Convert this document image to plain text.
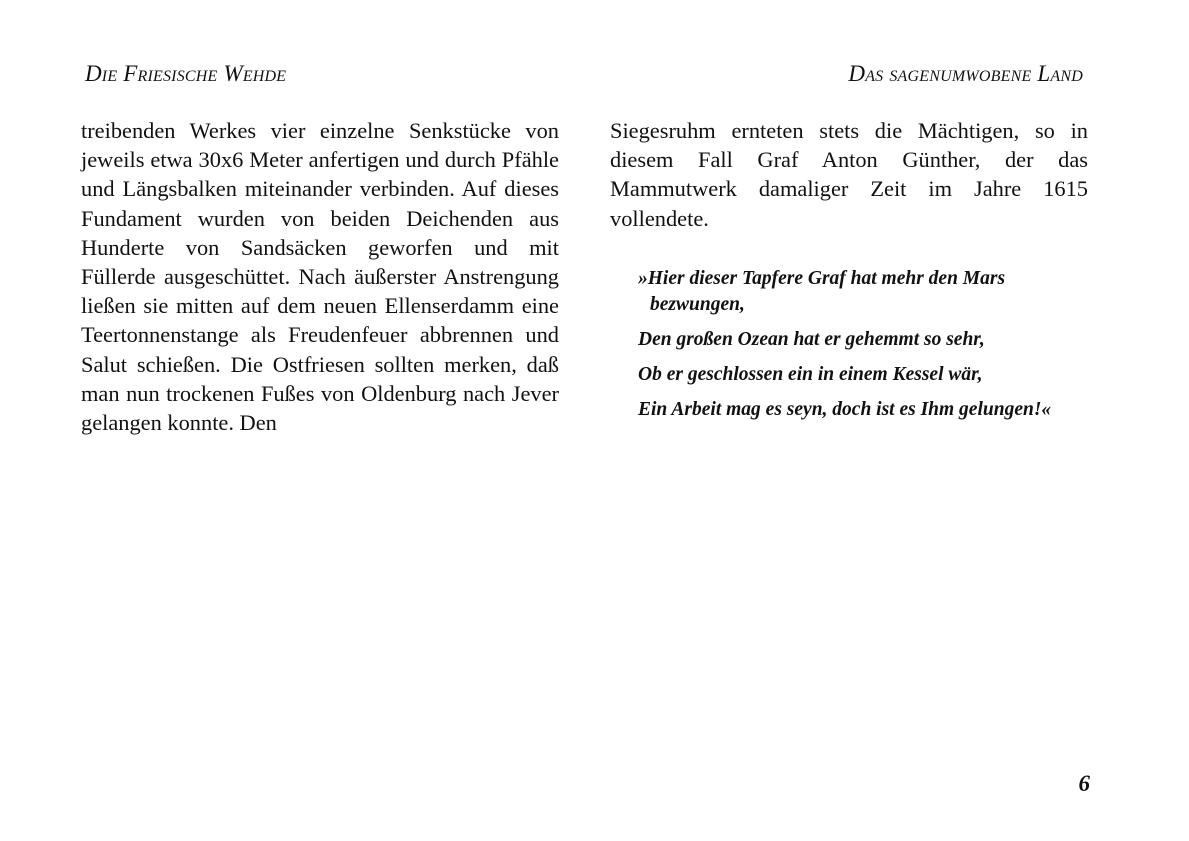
Die Friesische Wehde	Das sagenumwobene Land

treibenden Werkes vier einzelne Senkstücke von jeweils etwa 30x6 Meter anfertigen und durch Pfähle und Längsbalken miteinander verbinden. Auf dieses Fundament wurden von beiden Deichenden aus Hunderte von Sandsäcken geworfen und mit Füllerde ausgeschüttet. Nach äußerster Anstrengung ließen sie mitten auf dem neuen Ellenserdamm eine Teertonnenstange als Freudenfeuer abbrennen und Salut schießen. Die Ostfriesen sollten merken, daß man nun trockenen Fußes von Oldenburg nach Jever gelangen konnte. Den

Siegesruhm ernteten stets die Mächtigen, so in diesem Fall Graf Anton Günther, der das Mammutwerk damaliger Zeit im Jahre 1615 vollendete.

»Hier dieser Tapfere Graf hat mehr den Mars bezwungen,

Den großen Ozean hat er gehemmt so sehr,

Ob er geschlossen ein in einem Kessel wär,

Ein Arbeit mag es seyn, doch ist es Ihm gelungen!«

6
